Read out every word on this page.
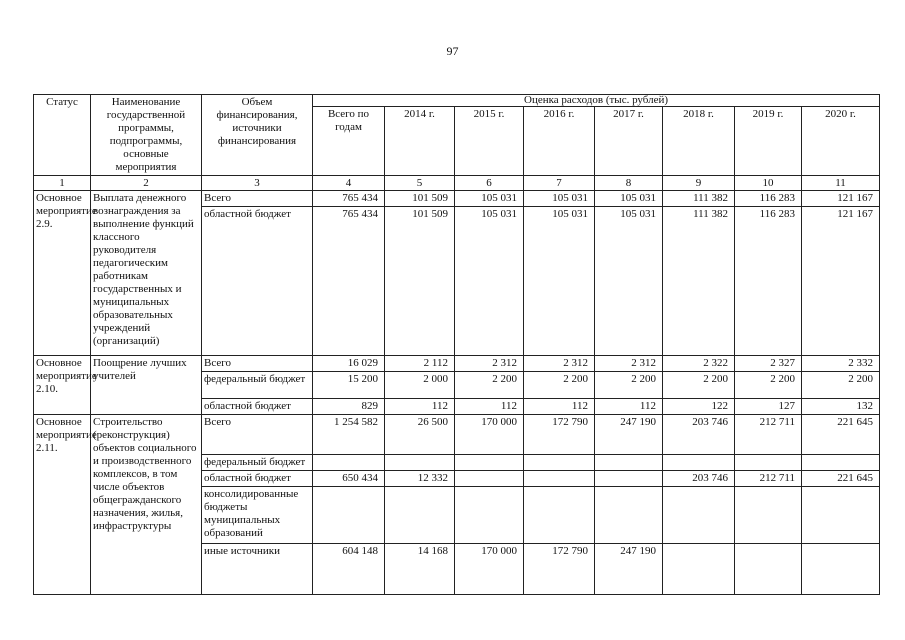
97
Статус	Наименование государственной программы, подпрограммы, основные мероприятия	Объем финансирования, источники финансирования	Оценка расходов (тыс. рублей)							
			Всего по годам	2014 г.	2015 г.	2016 г.	2017 г.	2018 г.	2019 г.	2020 г.
1	2	3	4	5	6	7	8	9	10	11
Основное мероприятие 2.9.	Выплата денежного вознаграждения за выполнение функций классного руководителя педагогическим работникам государственных и муниципальных образовательных учреждений (организаций)	Всего	765 434	101 509	105 031	105 031	105 031	111 382	116 283	121 167
		областной бюджет	765 434	101 509	105 031	105 031	105 031	111 382	116 283	121 167
Основное мероприятие 2.10.	Поощрение лучших учителей	Всего	16 029	2 112	2 312	2 312	2 312	2 322	2 327	2 332
		федеральный бюджет	15 200	2 000	2 200	2 200	2 200	2 200	2 200	2 200
		областной бюджет	829	112	112	112	112	122	127	132
Основное мероприятие 2.11.	Строительство (реконструкция) объектов социального и производственного комплексов, в том числе объектов общегражданского назначения, жилья, инфраструктуры	Всего	1 254 582	26 500	170 000	172 790	247 190	203 746	212 711	221 645
		федеральный бюджет								
		областной бюджет	650 434	12 332				203 746	212 711	221 645
		консолидированные бюджеты муниципальных образований								
		иные источники	604 148	14 168	170 000	172 790	247 190			
